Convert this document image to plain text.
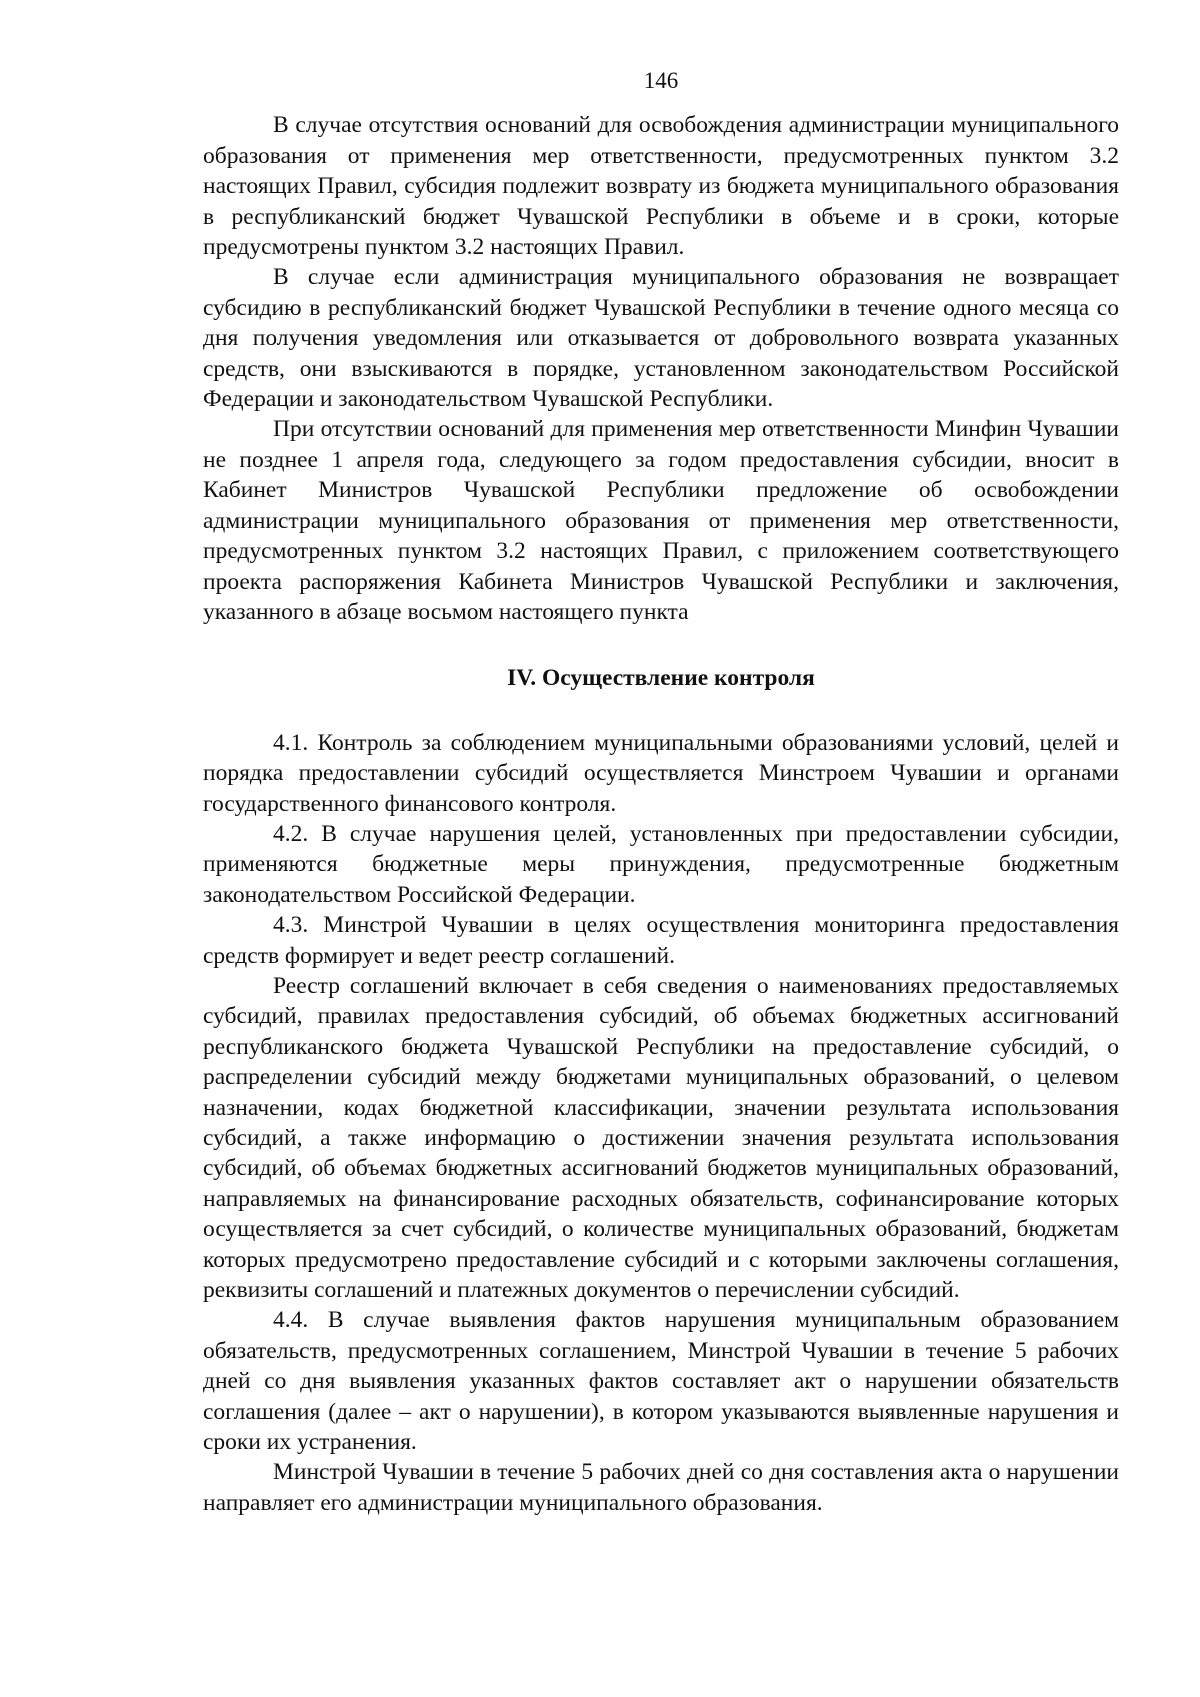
146

В случае отсутствия оснований для освобождения администрации муниципального образования от применения мер ответственности, предусмотренных пунктом 3.2 настоящих Правил, субсидия подлежит возврату из бюджета муниципального образования в республиканский бюджет Чувашской Республики в объеме и в сроки, которые предусмотрены пунктом 3.2 настоящих Правил.

В случае если администрация муниципального образования не возвращает субсидию в республиканский бюджет Чувашской Республики в течение одного месяца со дня получения уведомления или отказывается от добровольного возврата указанных средств, они взыскиваются в порядке, установленном законодательством Российской Федерации и законодательством Чувашской Республики.

При отсутствии оснований для применения мер ответственности Минфин Чувашии не позднее 1 апреля года, следующего за годом предоставления субсидии, вносит в Кабинет Министров Чувашской Республики предложение об освобождении администрации муниципального образования от применения мер ответственности, предусмотренных пунктом 3.2 настоящих Правил, с приложением соответствующего проекта распоряжения Кабинета Министров Чувашской Республики и заключения, указанного в абзаце восьмом настоящего пункта

IV. Осуществление контроля

4.1. Контроль за соблюдением муниципальными образованиями условий, целей и порядка предоставлении субсидий осуществляется Минстроем Чувашии и органами государственного финансового контроля.

4.2. В случае нарушения целей, установленных при предоставлении субсидии, применяются бюджетные меры принуждения, предусмотренные бюджетным законодательством Российской Федерации.

4.3. Минстрой Чувашии в целях осуществления мониторинга предоставления средств формирует и ведет реестр соглашений.

Реестр соглашений включает в себя сведения о наименованиях предоставляемых субсидий, правилах предоставления субсидий, об объемах бюджетных ассигнований республиканского бюджета Чувашской Республики на предоставление субсидий, о распределении субсидий между бюджетами муниципальных образований, о целевом назначении, кодах бюджетной классификации, значении результата использования субсидий, а также информацию о достижении значения результата использования субсидий, об объемах бюджетных ассигнований бюджетов муниципальных образований, направляемых на финансирование расходных обязательств, софинансирование которых осуществляется за счет субсидий, о количестве муниципальных образований, бюджетам которых предусмотрено предоставление субсидий и с которыми заключены соглашения, реквизиты соглашений и платежных документов о перечислении субсидий.

4.4. В случае выявления фактов нарушения муниципальным образованием обязательств, предусмотренных соглашением, Минстрой Чувашии в течение 5 рабочих дней со дня выявления указанных фактов составляет акт о нарушении обязательств соглашения (далее – акт о нарушении), в котором указываются выявленные нарушения и сроки их устранения.

Минстрой Чувашии в течение 5 рабочих дней со дня составления акта о нарушении направляет его администрации муниципального образования.
